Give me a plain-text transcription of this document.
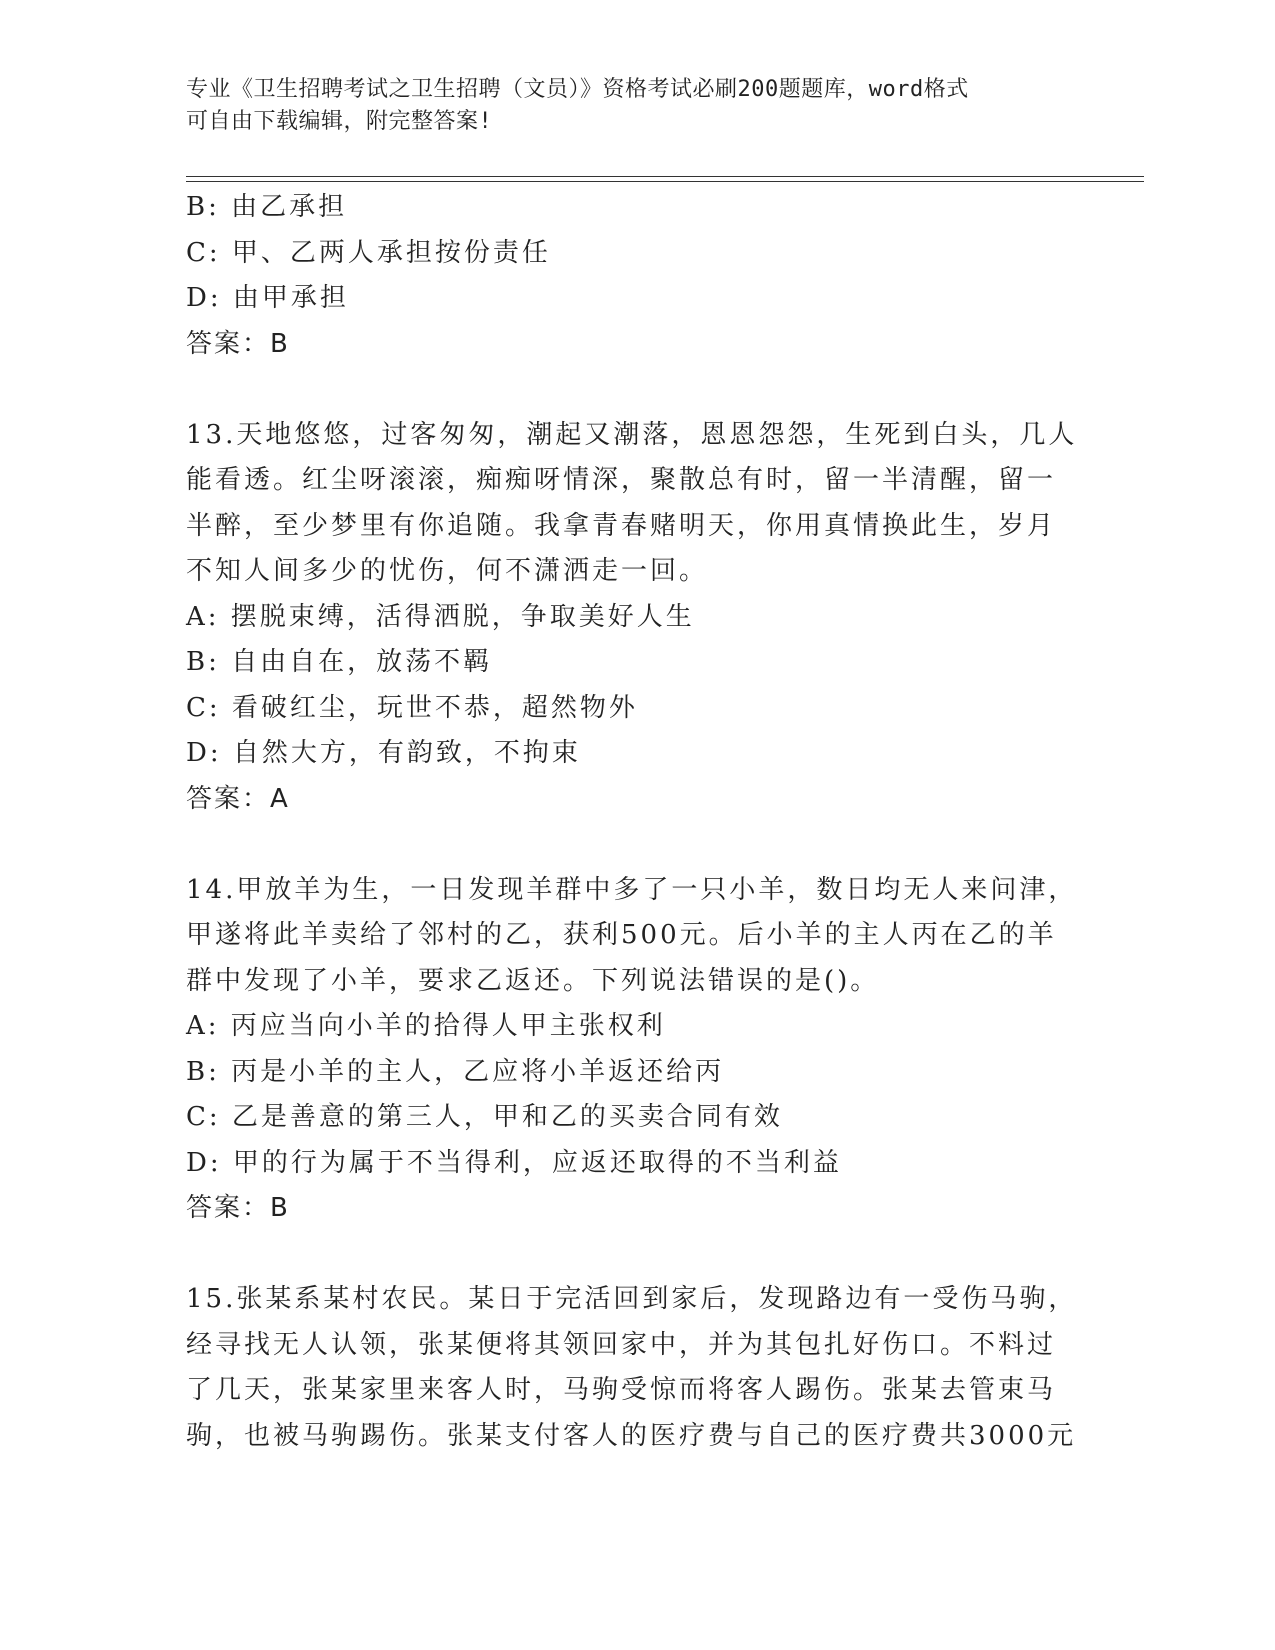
专业《卫生招聘考试之卫生招聘（文员）》资格考试必刷200题题库，word格式
可自由下载编辑，附完整答案!
B: 由乙承担
C: 甲、乙两人承担按份责任
D: 由甲承担
答案：B
13.天地悠悠，过客匆匆，潮起又潮落，恩恩怨怨，生死到白头，几人
能看透。红尘呀滚滚，痴痴呀情深，聚散总有时，留一半清醒，留一
半醉，至少梦里有你追随。我拿青春赌明天，你用真情换此生，岁月
不知人间多少的忧伤，何不潇洒走一回。
A: 摆脱束缚，活得洒脱，争取美好人生
B: 自由自在，放荡不羁
C: 看破红尘，玩世不恭，超然物外
D: 自然大方，有韵致，不拘束
答案：A
14.甲放羊为生，一日发现羊群中多了一只小羊，数日均无人来问津，
甲遂将此羊卖给了邻村的乙，获利500元。后小羊的主人丙在乙的羊
群中发现了小羊，要求乙返还。下列说法错误的是()。
A: 丙应当向小羊的拾得人甲主张权利
B: 丙是小羊的主人，乙应将小羊返还给丙
C: 乙是善意的第三人，甲和乙的买卖合同有效
D: 甲的行为属于不当得利，应返还取得的不当利益
答案：B
15.张某系某村农民。某日于完活回到家后，发现路边有一受伤马驹，
经寻找无人认领，张某便将其领回家中，并为其包扎好伤口。不料过
了几天，张某家里来客人时，马驹受惊而将客人踢伤。张某去管束马
驹，也被马驹踢伤。张某支付客人的医疗费与自己的医疗费共3000元
